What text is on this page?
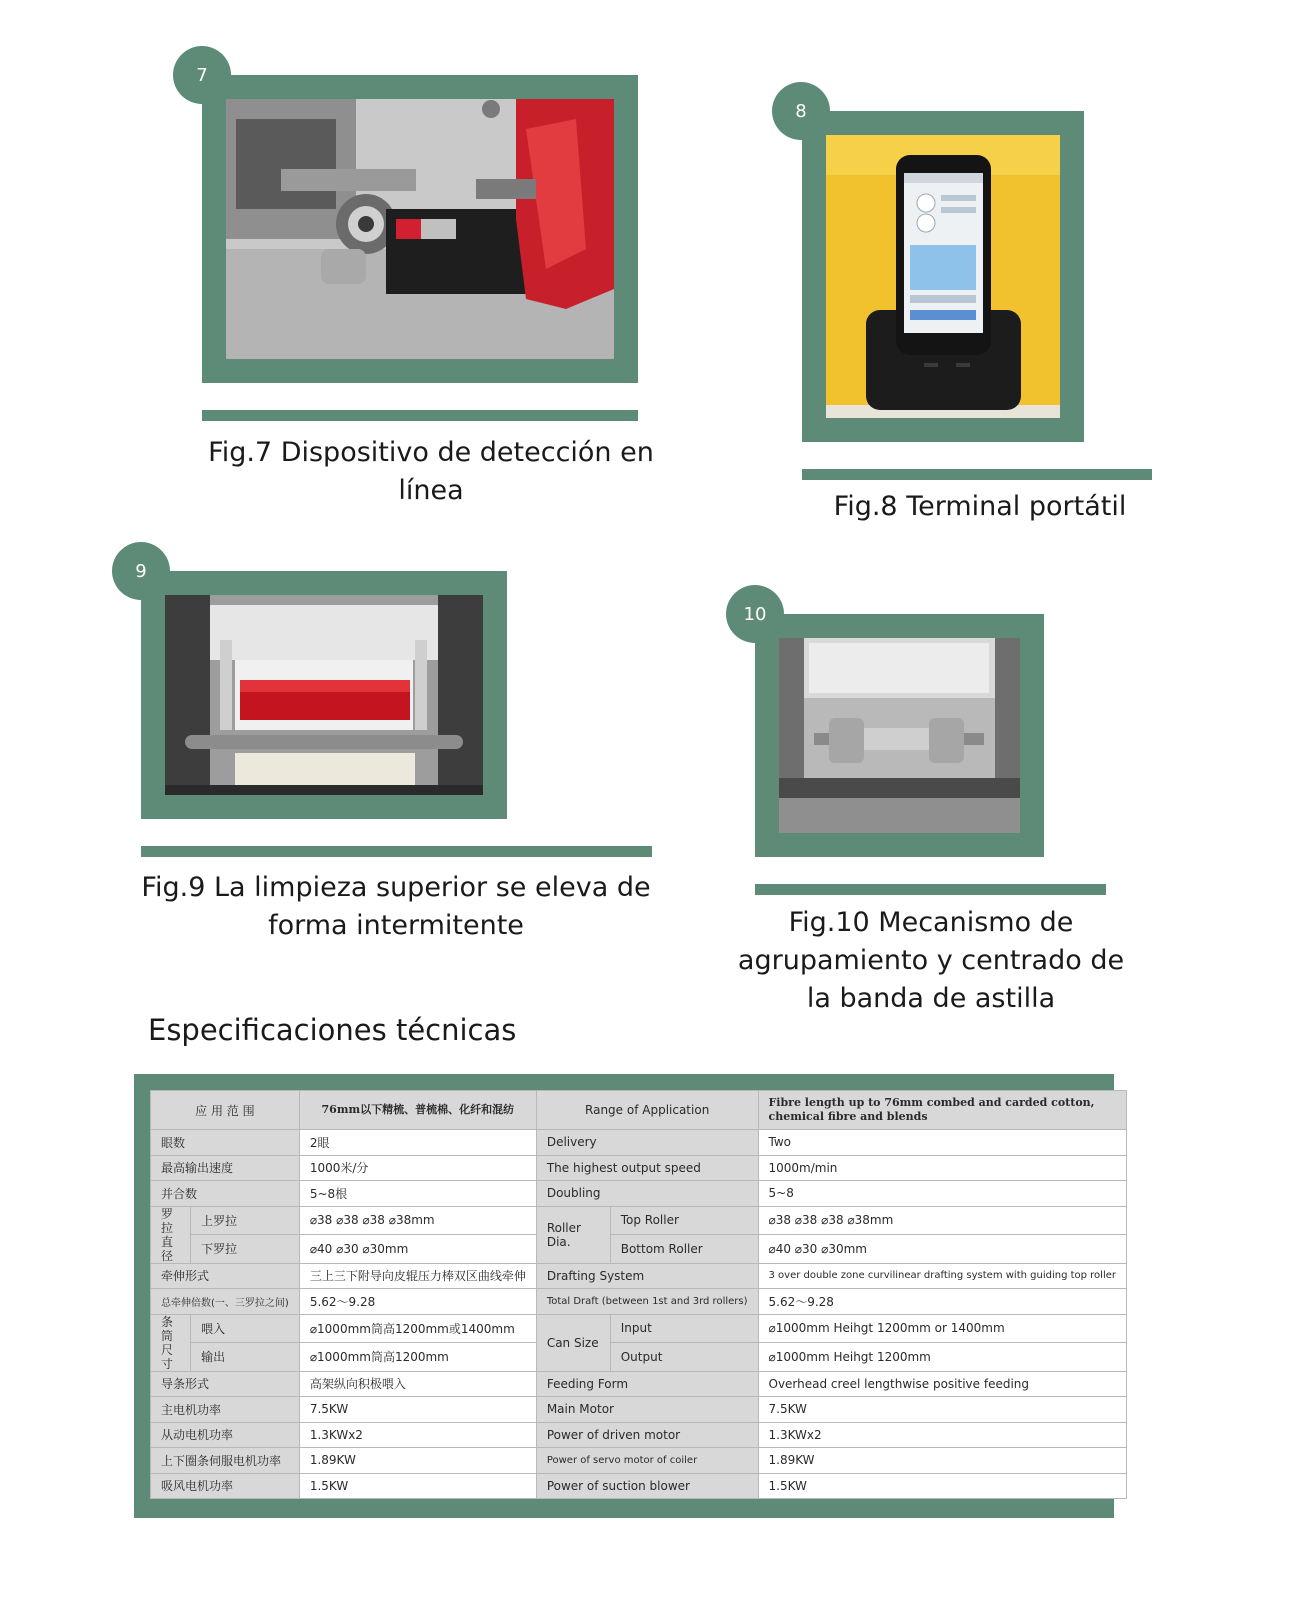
7
Fig.7 Dispositivo de detección en línea
8
Fig.8 Terminal portátil
9
Fig.9 La limpieza superior se eleva de forma intermitente
10
Fig.10 Mecanismo de agrupamiento y centrado de la banda de astilla
Especificaciones técnicas
应 用 范 围		76mm以下精梳、普梳棉、化纤和混纺	Range of Application		Fibre length up to 76mm combed and carded cotton, chemical fibre and blends
眼数		2眼	Delivery		Two
最高输出速度		1000米/分	The highest output speed		1000m/min
并合数		5~8根	Doubling		5~8
罗拉直径	上罗拉	⌀38 ⌀38 ⌀38 ⌀38mm	Roller Dia.	Top Roller	⌀38 ⌀38 ⌀38 ⌀38mm
	下罗拉	⌀40 ⌀30 ⌀30mm		Bottom Roller	⌀40 ⌀30 ⌀30mm
牵伸形式		三上三下附导向皮辊压力棒双区曲线牵伸	Drafting System		3 over double zone curvilinear drafting system with guiding top roller
总牵伸倍数(一、三罗拉之间)		5.62～9.28	Total Draft (between 1st and 3rd rollers)		5.62～9.28
条筒尺寸	喂入	⌀1000mm筒高1200mm或1400mm	Can Size	Input	⌀1000mm Heihgt 1200mm or 1400mm
	输出	⌀1000mm筒高1200mm		Output	⌀1000mm Heihgt 1200mm
导条形式		高架纵向积极喂入	Feeding Form		Overhead creel lengthwise positive feeding
主电机功率		7.5KW	Main Motor		7.5KW
从动电机功率		1.3KWx2	Power of driven motor		1.3KWx2
上下圈条伺服电机功率		1.89KW	Power of servo motor of coiler		1.89KW
吸风电机功率		1.5KW	Power of suction blower		1.5KW
